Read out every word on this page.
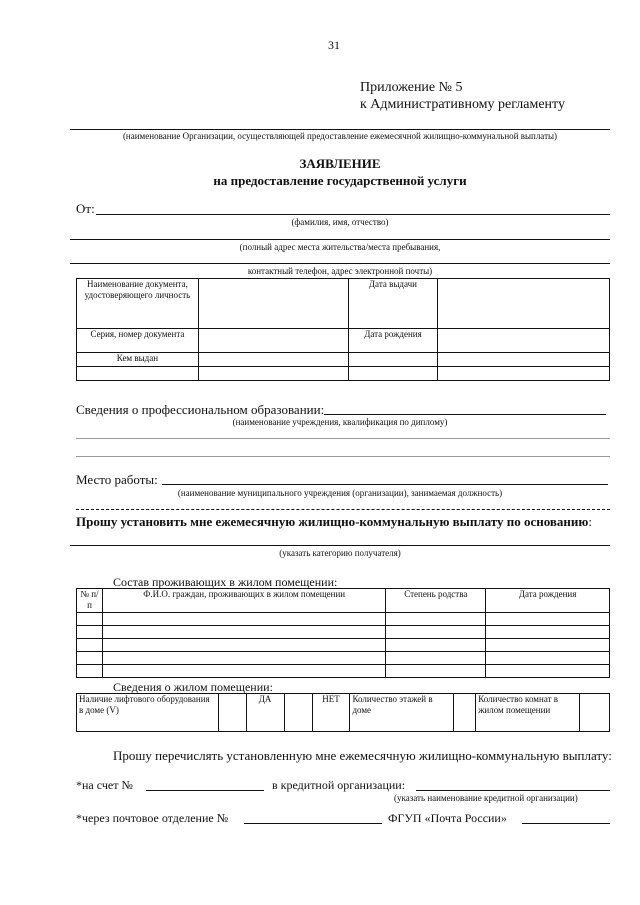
31
Приложение № 5
к Административному регламенту
(наименование Организации, осуществляющей предоставление ежемесячной жилищно-коммунальной выплаты)
ЗАЯВЛЕНИЕ
на предоставление государственной услуги
От:
(фамилия, имя, отчество)
(полный адрес места жительства/места пребывания,
контактный телефон, адрес электронной почты)
Наименование документа, удостоверяющего личность		Дата выдачи	
Серия, номер документа		Дата рождения	
Кем выдан			

Сведения о профессиональном образовании:
(наименование учреждения, квалификация по диплому)
Место работы:
(наименование муниципального учреждения (организации), занимаемая должность)
Прошу установить мне ежемесячную жилищно-коммунальную выплату по основанию:
(указать категорию получателя)
Состав проживающих в жилом помещении:
№ п/п	Ф.И.О. граждан, проживающих в жилом помещении	Степень родства	Дата рождения

Сведения о жилом помещении:
Наличие лифтового оборудования в доме (V)		ДА		НЕТ	Количество этажей в доме		Количество комнат в жилом помещении	
Прошу перечислять установленную мне ежемесячную жилищно-коммунальную выплату:
*на счет №	в кредитной организации:
(указать наименование кредитной организации)
*через почтовое отделение №	ФГУП «Почта России»
